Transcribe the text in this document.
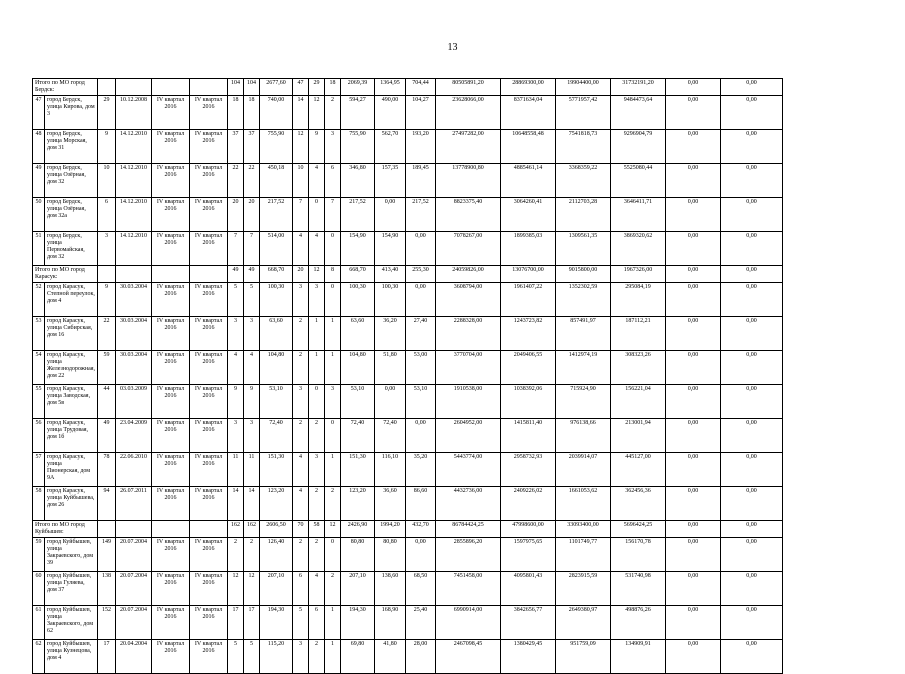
13
Итого по МО город Бердск:						104	104	2677,60	47	29	18	2069,39	1364,95	704,44	80505891,20	28869300,00	19904400,00	31732191,20	0,00	0,00
47	город Бердск, улица Кирова, дом 3	29	10.12.2008	IV квартал 2016	IV квартал 2016	18	18	740,00	14	12	2	594,27	490,00	104,27	23628066,00	8371634,04	5771957,42	9484473,64	0,00	0,00
48	город Бердск, улица Морская, дом 31	9	14.12.2010	IV квартал 2016	IV квартал 2016	37	37	755,90	12	9	3	755,90	562,70	193,20	27497282,00	10648558,48	7541818,73	9296904,79	0,00	0,00
49	город Бердск, улица Озёрная, дом 32	10	14.12.2010	IV квартал 2016	IV квартал 2016	22	22	450,18	10	4	6	346,80	157,35	189,45	13778900,80	4885461,14	3368359,22	5525080,44	0,00	0,00
50	город Бердск, улица Озёрная, дом 32а	6	14.12.2010	IV квартал 2016	IV квартал 2016	20	20	217,52	7	0	7	217,52	0,00	217,52	8823375,40	3064260,41	2112703,28	3646411,71	0,00	0,00
51	город Бердск, улица Первомайская, дом 32	3	14.12.2010	IV квартал 2016	IV квартал 2016	7	7	514,00	4	4	0	154,90	154,90	0,00	7078267,00	1899385,03	1309561,35	3869320,62	0,00	0,00
Итого по МО город Карасук:						49	49	668,70	20	12	8	668,70	413,40	255,30	24059826,00	13076700,00	9015800,00	1967326,00	0,00	0,00
52	город Карасук, Степной переулок, дом 4	9	30.03.2004	IV квартал 2016	IV квартал 2016	5	5	100,30	3	3	0	100,30	100,30	0,00	3608794,00	1961407,22	1352302,59	295084,19	0,00	0,00
53	город Карасук, улица Сибирская, дом 16	22	30.03.2004	IV квартал 2016	IV квартал 2016	3	3	63,60	2	1	1	63,60	36,20	27,40	2288328,00	1243723,82	857491,97	187112,21	0,00	0,00
54	город Карасук, улица Железнодорожная, дом 22	59	30.03.2004	IV квартал 2016	IV квартал 2016	4	4	104,80	2	1	1	104,80	51,80	53,00	3770704,00	2049406,55	1412974,19	308323,26	0,00	0,00
55	город Карасук, улица Заводская, дом 5в	44	03.03.2009	IV квартал 2016	IV квартал 2016	9	9	53,10	3	0	3	53,10	0,00	53,10	1910538,00	1038392,06	715924,90	156221,04	0,00	0,00
56	город Карасук, улица Трудовая, дом 1б	49	23.04.2009	IV квартал 2016	IV квартал 2016	3	3	72,40	2	2	0	72,40	72,40	0,00	2604952,00	1415811,40	976138,66	213001,94	0,00	0,00
57	город Карасук, улица Пионерская, дом 9А	78	22.06.2010	IV квартал 2016	IV квартал 2016	11	11	151,30	4	3	1	151,30	116,10	35,20	5443774,00	2958732,93	2039914,07	445127,00	0,00	0,00
58	город Карасук, улица Куйбышева, дом 26	94	26.07.2011	IV квартал 2016	IV квартал 2016	14	14	123,20	4	2	2	123,20	36,60	86,60	4432736,00	2409226,02	1661053,62	362456,36	0,00	0,00
Итого по МО город Куйбышев:						162	162	2606,50	70	58	12	2426,90	1994,20	432,70	86784424,25	47998600,00	33093400,00	5696424,25	0,00	0,00
59	город Куйбышев, улица Закраевского, дом 39	149	20.07.2004	IV квартал 2016	IV квартал 2016	2	2	126,40	2	2	0	80,80	80,80	0,00	2855896,20	1597975,65	1101749,77	156170,78	0,00	0,00
60	город Куйбышев, улица Гуляева, дом 37	138	20.07.2004	IV квартал 2016	IV квартал 2016	12	12	207,10	6	4	2	207,10	138,60	68,50	7451458,00	4095801,43	2823915,59	531740,98	0,00	0,00
61	город Куйбышев, улица Закраевского, дом 62	152	20.07.2004	IV квартал 2016	IV квартал 2016	17	17	194,30	5	6	1	194,30	168,90	25,40	6990914,00	3842656,77	2649380,97	498876,26	0,00	0,00
62	город Куйбышев, улица Кузнецова, дом 4	17	20.04.2004	IV квартал 2016	IV квартал 2016	5	5	115,20	3	2	1	69,80	41,80	28,00	2467098,45	1380429,45	951759,09	134909,91	0,00	0,00
